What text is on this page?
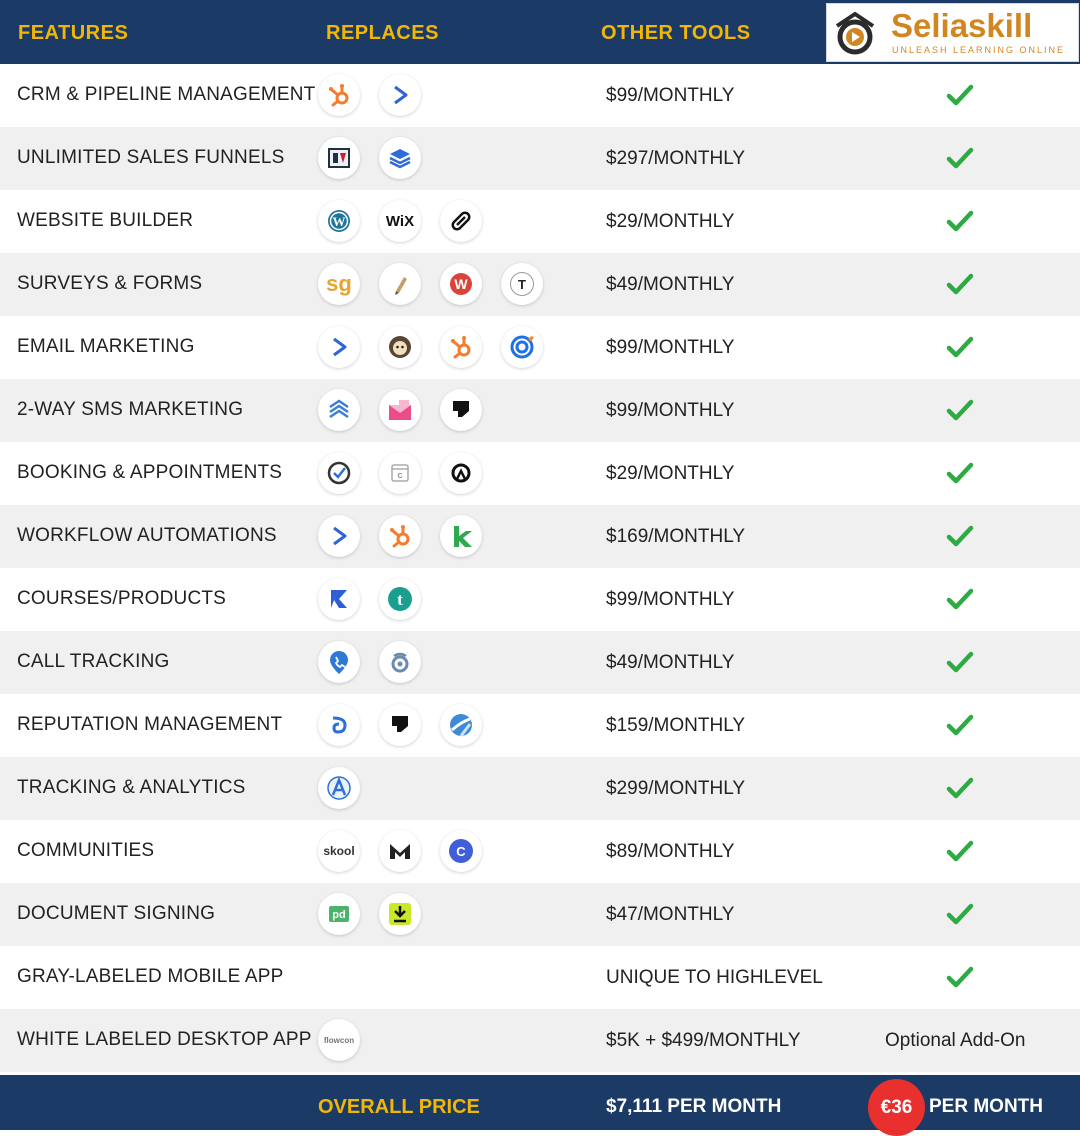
FEATURES	REPLACES	OTHER TOOLS	Seliaskill
UNLEASH LEARNING ONLINE
CRM & PIPELINE MANAGEMENT	$99/MONTHLY
UNLIMITED SALES FUNNELS	$297/MONTHLY
WEBSITE BUILDER	W	WiX	$29/MONTHLY
SURVEYS & FORMS	sg	W	T	$49/MONTHLY
EMAIL MARKETING	$99/MONTHLY
2-WAY SMS MARKETING	$99/MONTHLY
BOOKING & APPOINTMENTS	C	$29/MONTHLY
WORKFLOW AUTOMATIONS	$169/MONTHLY
COURSES/PRODUCTS	t	$99/MONTHLY
CALL TRACKING	$49/MONTHLY
REPUTATION MANAGEMENT	$159/MONTHLY
TRACKING & ANALYTICS	$299/MONTHLY
COMMUNITIES	skool	C	$89/MONTHLY
DOCUMENT SIGNING	pd	$47/MONTHLY
GRAY-LABELED MOBILE APP	UNIQUE TO HIGHLEVEL
WHITE LABELED DESKTOP APP flowcon	$5K + $499/MONTHLY	Optional Add-On
OVERALL PRICE	$7,111 PER MONTH	€36 PER MONTH
